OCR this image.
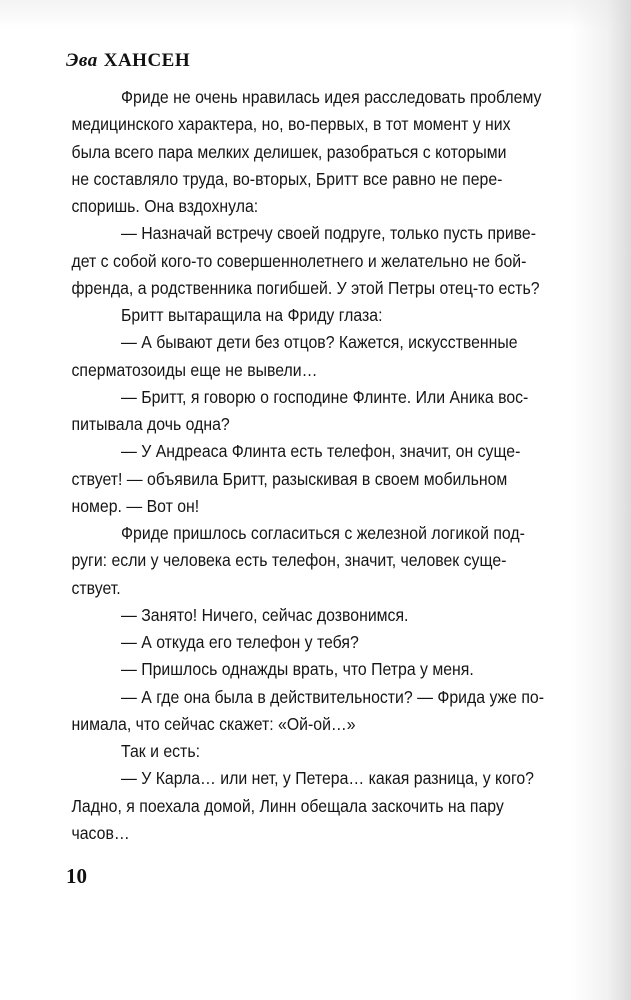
Эва ХАНСЕН
Фриде не очень нравилась идея расследовать проблему
медицинского характера, но, во-первых, в тот момент у них
была всего пара мелких делишек, разобраться с которыми
не составляло труда, во-вторых, Бритт все равно не пере-
споришь. Она вздохнула:
— Назначай встречу своей подруге, только пусть приве-
дет с собой кого-то совершеннолетнего и желательно не бой-
френда, а родственника погибшей. У этой Петры отец-то есть?
Бритт вытаращила на Фриду глаза:
— А бывают дети без отцов? Кажется, искусственные
сперматозоиды еще не вывели…
— Бритт, я говорю о господине Флинте. Или Аника вос-
питывала дочь одна?
— У Андреаса Флинта есть телефон, значит, он суще-
ствует! — объявила Бритт, разыскивая в своем мобильном
номер. — Вот он!
Фриде пришлось согласиться с железной логикой под-
руги: если у человека есть телефон, значит, человек суще-
ствует.
— Занято! Ничего, сейчас дозвонимся.
— А откуда его телефон у тебя?
— Пришлось однажды врать, что Петра у меня.
— А где она была в действительности? — Фрида уже по-
нимала, что сейчас скажет: «Ой-ой…»
Так и есть:
— У Карла… или нет, у Петера… какая разница, у кого?
Ладно, я поехала домой, Линн обещала заскочить на пару
часов…
10
